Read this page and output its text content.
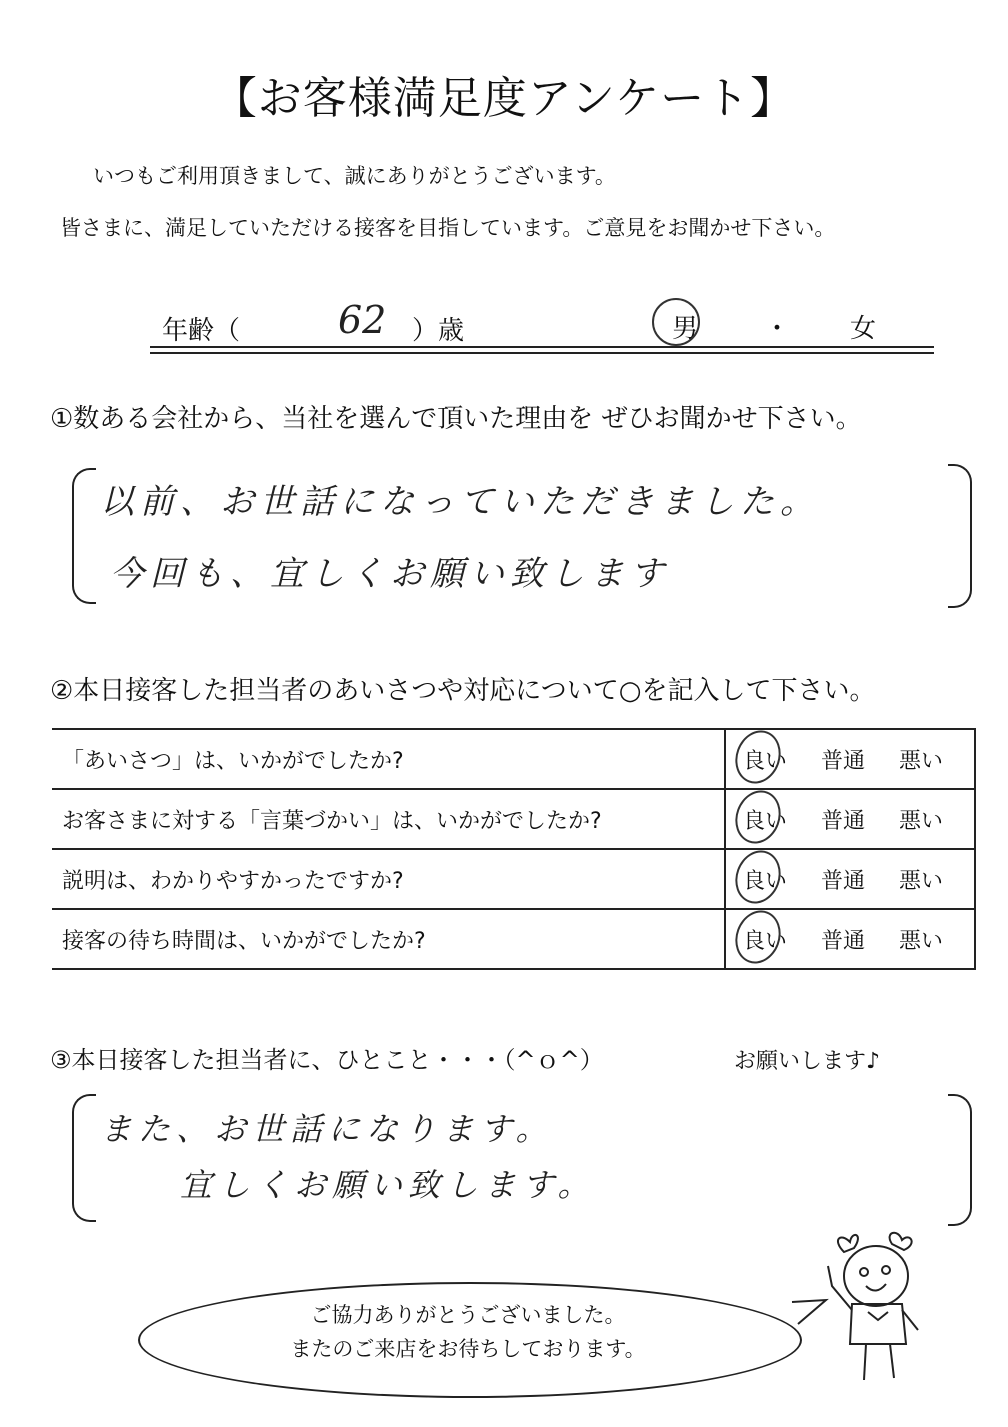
【お客様満足度アンケート】
いつもご利用頂きまして、誠にありがとうございます。
皆さまに、満足していただける接客を目指しています。ご意見をお聞かせ下さい。
年齢（	62 ）歳	男	・ 女
①数ある会社から、当社を選んで頂いた理由を ぜひお聞かせ下さい。
以前、お世話になっていただきました。
今回も、宜しくお願い致します
②本日接客した担当者のあいさつや対応について○を記入して下さい。
「あいさつ」は、いかがでしたか?	良い 普通 悪い
お客さまに対する「言葉づかい」は、いかがでしたか?	良い 普通 悪い
説明は、わかりやすかったですか?	良い 普通 悪い
接客の待ち時間は、いかがでしたか?	良い 普通 悪い
③本日接客した担当者に、ひとこと・・・（^ｏ^）	お願いします♪
また、お世話になります。
宜しくお願い致します。
ご協力ありがとうございました。
またのご来店をお待ちしております。
